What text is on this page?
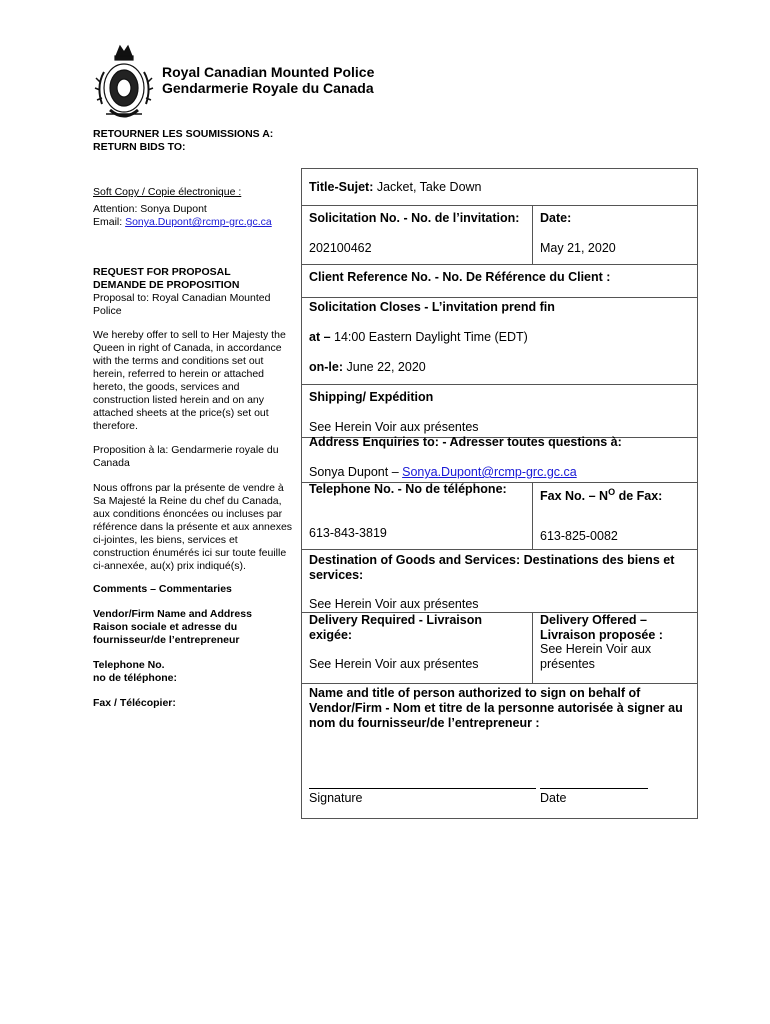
Royal Canadian Mounted Police
Gendarmerie Royale du Canada
RETOURNER LES SOUMISSIONS A:
RETURN BIDS TO:
Soft Copy / Copie électronique :
Attention: Sonya Dupont
Email: Sonya.Dupont@rcmp-grc.gc.ca
REQUEST FOR PROPOSAL
DEMANDE DE PROPOSITION
Proposal to: Royal Canadian Mounted Police
We hereby offer to sell to Her Majesty the Queen in right of Canada, in accordance with the terms and conditions set out herein, referred to herein or attached hereto, the goods, services and construction listed herein and on any attached sheets at the price(s) set out therefore.
Proposition à la: Gendarmerie royale du Canada
Nous offrons par la présente de vendre à Sa Majesté la Reine du chef du Canada, aux conditions énoncées ou incluses par référence dans la présente et aux annexes ci-jointes, les biens, services et construction énumérés ici sur toute feuille ci-annexée, au(x) prix indiqué(s).
Comments – Commentaries
Vendor/Firm Name and Address
Raison sociale et adresse du
fournisseur/de l’entrepreneur
Telephone No.
no de téléphone:
Fax / Télécopier:
Title-Sujet: Jacket, Take Down
Solicitation No. - No. de l’invitation:
202100462
Date:
May 21, 2020
Client Reference No. - No. De Référence du Client :
Solicitation Closes - L’invitation prend fin
at – 14:00 Eastern Daylight Time (EDT)
on-le: June 22, 2020
Shipping/ Expédition
See Herein Voir aux présentes
Address Enquiries to: - Adresser toutes questions à:
Sonya Dupont – Sonya.Dupont@rcmp-grc.gc.ca
Telephone No. - No de téléphone:
613-843-3819
Fax No. – $N^O$ de Fax:
613-825-0082
Destination of Goods and Services: Destinations des biens et services:
See Herein Voir aux présentes
Delivery Required - Livraison
exigée:
See Herein Voir aux présentes
Delivery Offered –
Livraison proposée :
See Herein Voir aux
présentes
Name and title of person authorized to sign on behalf of Vendor/Firm - Nom et titre de la personne autorisée à signer au nom du fournisseur/de l’entrepreneur :
Signature	Date
